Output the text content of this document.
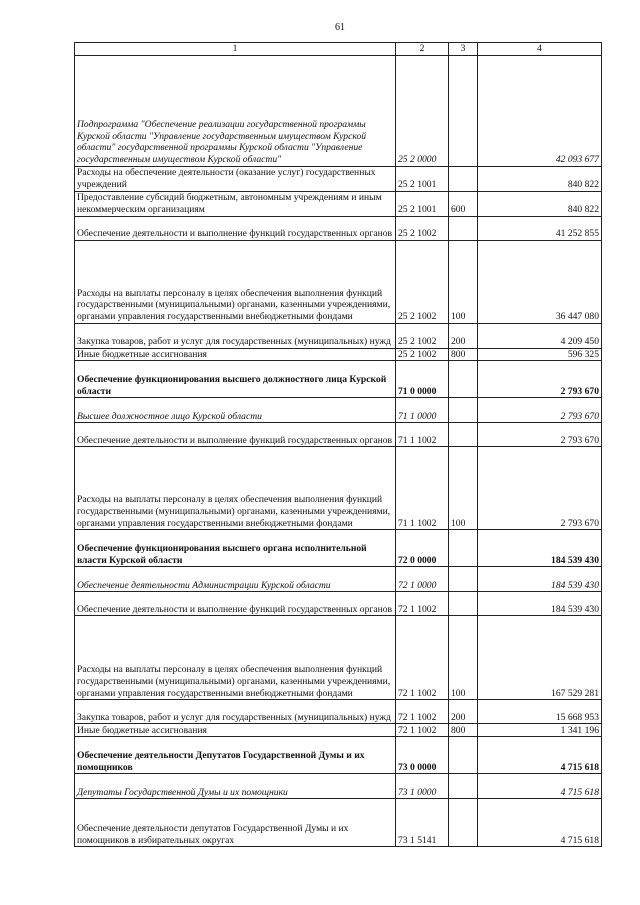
61
1	2	3	4
Подпрограмма "Обеспечение реализации государственной программы Курской области "Управление государственным имуществом Курской области" государственной программы Курской области "Управление государственным имуществом Курской области"	25 2 0000		42 093 677
Расходы на обеспечение деятельности (оказание услуг) государственных учреждений	25 2 1001		840 822
Предоставление субсидий бюджетным, автономным учреждениям и иным некоммерческим организациям	25 2 1001	600	840 822
Обеспечение деятельности и выполнение функций государственных органов	25 2 1002		41 252 855
Расходы на выплаты персоналу в целях обеспечения выполнения функций государственными (муниципальными) органами, казенными учреждениями, органами управления государственными внебюджетными фондами	25 2 1002	100	36 447 080
Закупка товаров, работ и услуг для государственных (муниципальных) нужд	25 2 1002	200	4 209 450
Иные бюджетные ассигнования	25 2 1002	800	596 325
Обеспечение функционирования высшего должностного лица Курской области	71 0 0000		2 793 670
Высшее должностное лицо Курской области	71 1 0000		2 793 670
Обеспечение деятельности и выполнение функций государственных органов	71 1 1002		2 793 670
Расходы на выплаты персоналу в целях обеспечения выполнения функций государственными (муниципальными) органами, казенными учреждениями, органами управления государственными внебюджетными фондами	71 1 1002	100	2 793 670
Обеспечение функционирования высшего органа исполнительной власти Курской области	72 0 0000		184 539 430
Обеспечение деятельности Администрации Курской области	72 1 0000		184 539 430
Обеспечение деятельности и выполнение функций государственных органов	72 1 1002		184 539 430
Расходы на выплаты персоналу в целях обеспечения выполнения функций государственными (муниципальными) органами, казенными учреждениями, органами управления государственными внебюджетными фондами	72 1 1002	100	167 529 281
Закупка товаров, работ и услуг для государственных (муниципальных) нужд	72 1 1002	200	15 668 953
Иные бюджетные ассигнования	72 1 1002	800	1 341 196
Обеспечение деятельности Депутатов Государственной Думы и их помощников	73 0 0000		4 715 618
Депутаты Государственной Думы и их помощники	73 1 0000		4 715 618
Обеспечение деятельности депутатов Государственной Думы и их помощников в избирательных округах	73 1 5141		4 715 618
